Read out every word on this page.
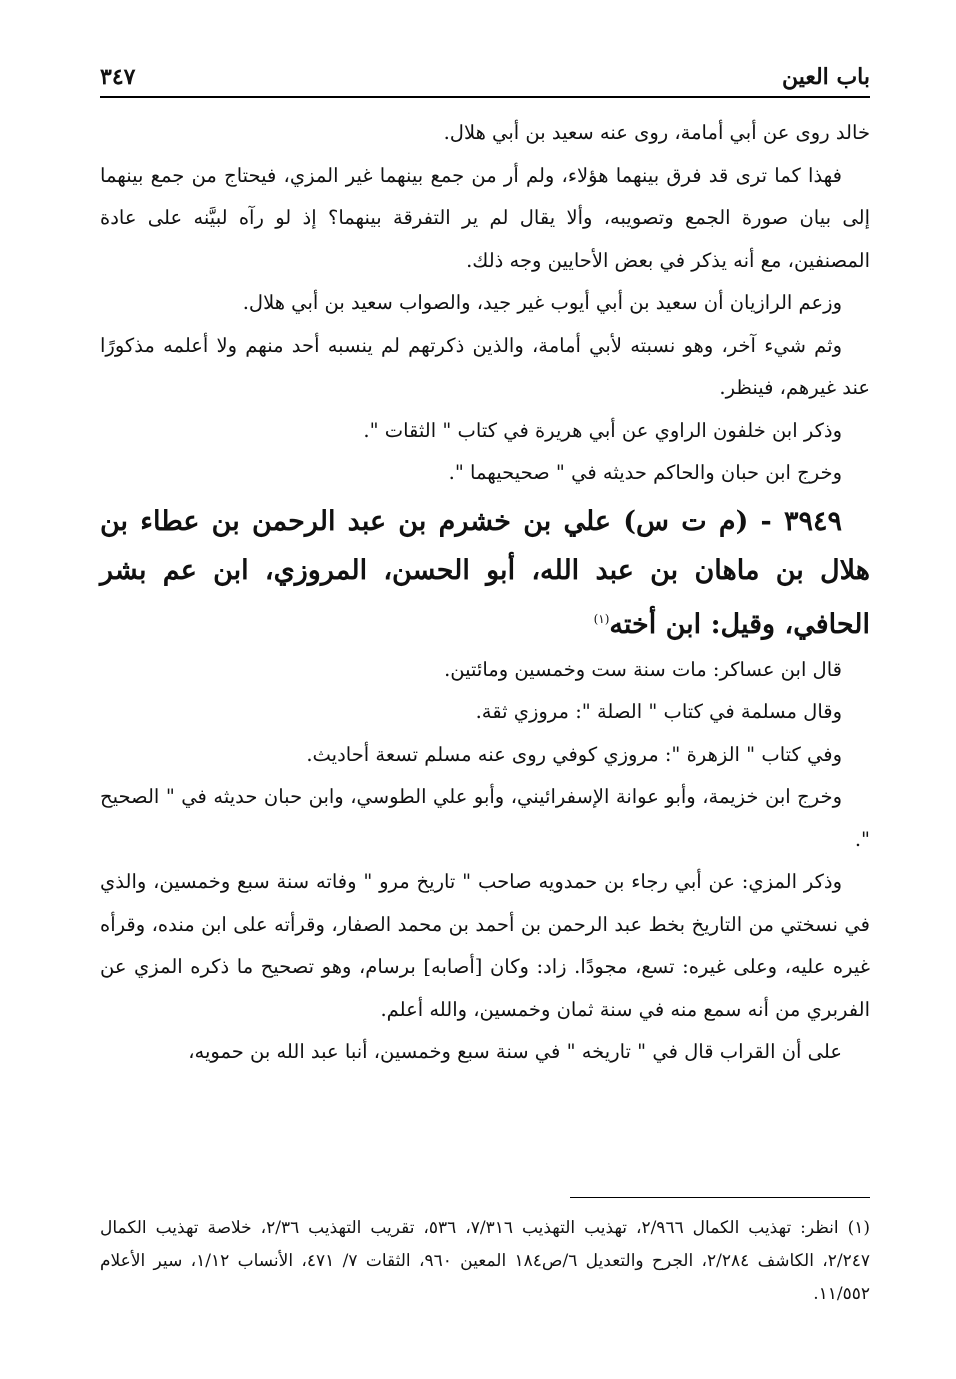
باب العين
٣٤٧

خالد روى عن أبي أمامة، روى عنه سعيد بن أبي هلال.

فهذا كما ترى قد فرق بينهما هؤلاء، ولم أر من جمع بينهما غير المزي، فيحتاج من جمع بينهما إلى بيان صورة الجمع وتصويبه، وألا يقال لم ير التفرقة بينهما؟ إذ لو رآه لبيَّنه على عادة المصنفين، مع أنه يذكر في بعض الأحايين وجه ذلك.

وزعم الرازيان أن سعيد بن أبي أيوب غير جيد، والصواب سعيد بن أبي هلال.

وثم شيء آخر، وهو نسبته لأبي أمامة، والذين ذكرتهم لم ينسبه أحد منهم ولا أعلمه مذكورًا عند غيرهم، فينظر.

وذكر ابن خلفون الراوي عن أبي هريرة في كتاب " الثقات ".

وخرج ابن حبان والحاكم حديثه في " صحيحيهما ".

٣٩٤٩ - (م ت س) علي بن خشرم بن عبد الرحمن بن عطاء بن هلال بن ماهان بن عبد الله، أبو الحسن، المروزي، ابن عم بشر الحافي، وقيل: ابن أخته$^{(١)}$

قال ابن عساكر: مات سنة ست وخمسين ومائتين.

وقال مسلمة في كتاب " الصلة ": مروزي ثقة.

وفي كتاب " الزهرة ": مروزي كوفي روى عنه مسلم تسعة أحاديث.

وخرج ابن خزيمة، وأبو عوانة الإسفرائيني، وأبو علي الطوسي، وابن حبان حديثه في " الصحيح ".

وذكر المزي: عن أبي رجاء بن حمدويه صاحب " تاريخ مرو " وفاته سنة سبع وخمسين، والذي في نسختي من التاريخ بخط عبد الرحمن بن أحمد بن محمد الصفار، وقرأته على ابن منده، وقرأه غيره عليه، وعلى غيره: تسع، مجودًا. زاد: وكان [أصابه] برسام، وهو تصحيح ما ذكره المزي عن الفربري من أنه سمع منه في سنة ثمان وخمسين، والله أعلم.

على أن القراب قال في " تاريخه " في سنة سبع وخمسين، أنبا عبد الله بن حمويه،

(١) انظر: تهذيب الكمال ٢/٩٦٦، تهذيب التهذيب ٧/٣١٦، ٥٣٦، تقريب التهذيب ٢/٣٦، خلاصة تهذيب الكمال ٢/٢٤٧، الكاشف ٢/٢٨٤، الجرح والتعديل ٦/ص١٨٤ المعين ٩٦٠، الثقات ٧/ ٤٧١، الأنساب ١/١٢، سير الأعلام ١١/٥٥٢.
